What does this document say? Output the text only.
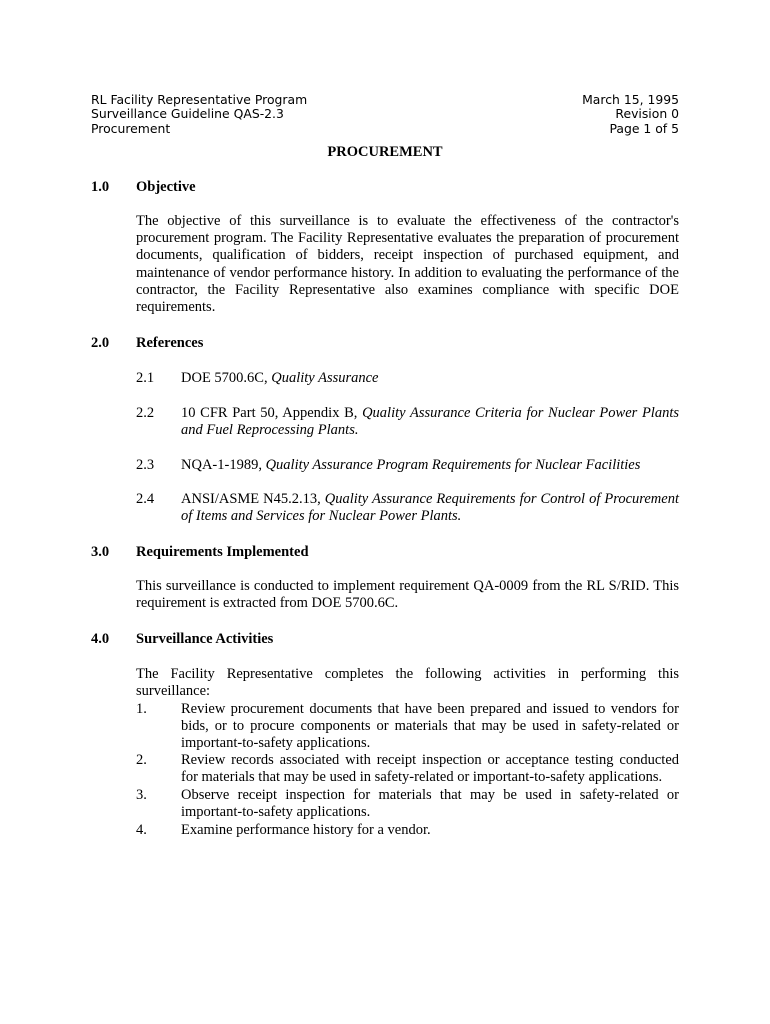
RL Facility Representative Program
Surveillance Guideline QAS-2.3
Procurement
March 15, 1995
Revision 0
Page 1 of 5
PROCUREMENT
1.0 Objective
The objective of this surveillance is to evaluate the effectiveness of the contractor's procurement program. The Facility Representative evaluates the preparation of procurement documents, qualification of bidders, receipt inspection of purchased equipment, and maintenance of vendor performance history. In addition to evaluating the performance of the contractor, the Facility Representative also examines compliance with specific DOE requirements.
2.0 References
2.1 DOE 5700.6C, Quality Assurance
2.2 10 CFR Part 50, Appendix B, Quality Assurance Criteria for Nuclear Power Plants and Fuel Reprocessing Plants.
2.3 NQA-1-1989, Quality Assurance Program Requirements for Nuclear Facilities
2.4 ANSI/ASME N45.2.13, Quality Assurance Requirements for Control of Procurement of Items and Services for Nuclear Power Plants.
3.0 Requirements Implemented
This surveillance is conducted to implement requirement QA-0009 from the RL S/RID. This requirement is extracted from DOE 5700.6C.
4.0 Surveillance Activities
The Facility Representative completes the following activities in performing this surveillance:
1. Review procurement documents that have been prepared and issued to vendors for bids, or to procure components or materials that may be used in safety-related or important-to-safety applications.
2. Review records associated with receipt inspection or acceptance testing conducted for materials that may be used in safety-related or important-to-safety applications.
3. Observe receipt inspection for materials that may be used in safety-related or important-to-safety applications.
4. Examine performance history for a vendor.
